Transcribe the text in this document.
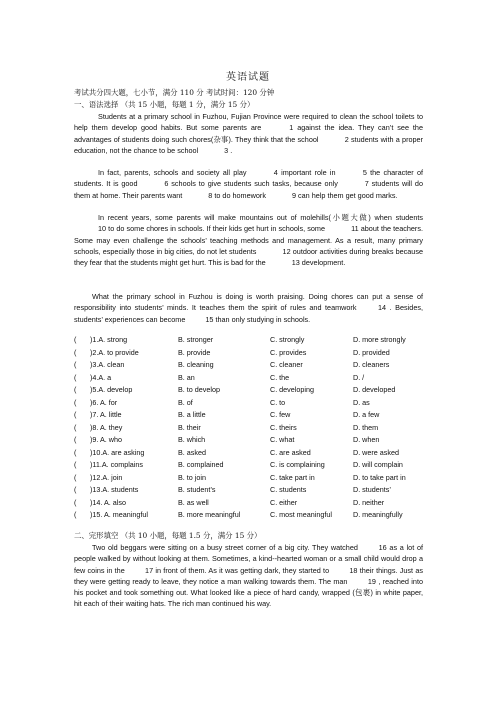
英语试题
考试共分四大题，七小节，满分 110 分 考试时间：120 分钟
一、语法选择 （共 15 小题，每题 1 分，满分 15 分）

Students at a primary school in Fuzhou, Fujian Province were required to clean the school toilets to help them develop good habits. But some parents are	1 against the idea. They can’t see the advantages of students doing such chores(杂事). They think that the school	2 students with a proper education, not the chance to be school	3 .

In fact, parents, schools and society all play	4 important role in	5 the character of students. It is good	6 schools to give students such tasks, because only	7 students will do them at home. Their parents want	8 to do homework	9 can help them get good marks.

In recent years, some parents will make mountains out of molehills(小题大做) when students 10 to do some chores in schools. If their kids get hurt in schools, some	11 about the teachers. Some may even challenge the schools’ teaching methods and management. As a result, many primary schools, especially those in big cities, do not let students	12 outdoor activities during breaks because they fear that the students might get hurt. This is bad for the	13 development.

What the primary school in Fuzhou is doing is worth praising. Doing chores can put a sense of responsibility into students’ minds. It teaches them the spirit of rules and teamwork 14 . Besides, students’ experiences can become 15 than only studying in schools.

( )1.A. strong	B. stronger	C. strongly	D. more strongly
( )2.A. to provide	B. provide	C. provides	D. provided
( )3.A. clean	B. cleaning	C. cleaner	D. cleaners
( )4.A. a	B. an	C. the	D. /
( )5.A. develop	B. to develop	C. developing	D. developed
( )6. A. for	B. of	C. to	D. as
( )7. A. little	B. a little	C. few	D. a few
( )8. A. they	B. their	C. theirs	D. them
( )9. A. who	B. which	C. what	D. when
( )10.A. are asking	B. asked	C. are asked	D. were asked
( )11.A. complains	B. complained	C. is complaining	D. will complain
( )12.A. join	B. to join	C. take part in	D. to take part in
( )13.A. students	B. student’s	C. students	D. students’
( )14. A. also	B. as well	C. either	D. neither
( )15. A. meaningful	B. more meaningful	C. most meaningful	D. meaningfully
二、完形填空 （共 10 小题，每题 1.5 分，满分 15 分）

Two old beggars were sitting on a busy street corner of a big city. They watched 16 as a lot of people walked by without looking at them. Sometimes, a kind--hearted woman or a small child would drop a few coins in the 17 in front of them. As it was getting dark, they started to 18 their things. Just as they were getting ready to leave, they notice a man walking towards them. The man 19 , reached into his pocket and took something out. What looked like a piece of hard candy, wrapped (包裹) in white paper, hit each of their waiting hats. The rich man continued his way.
